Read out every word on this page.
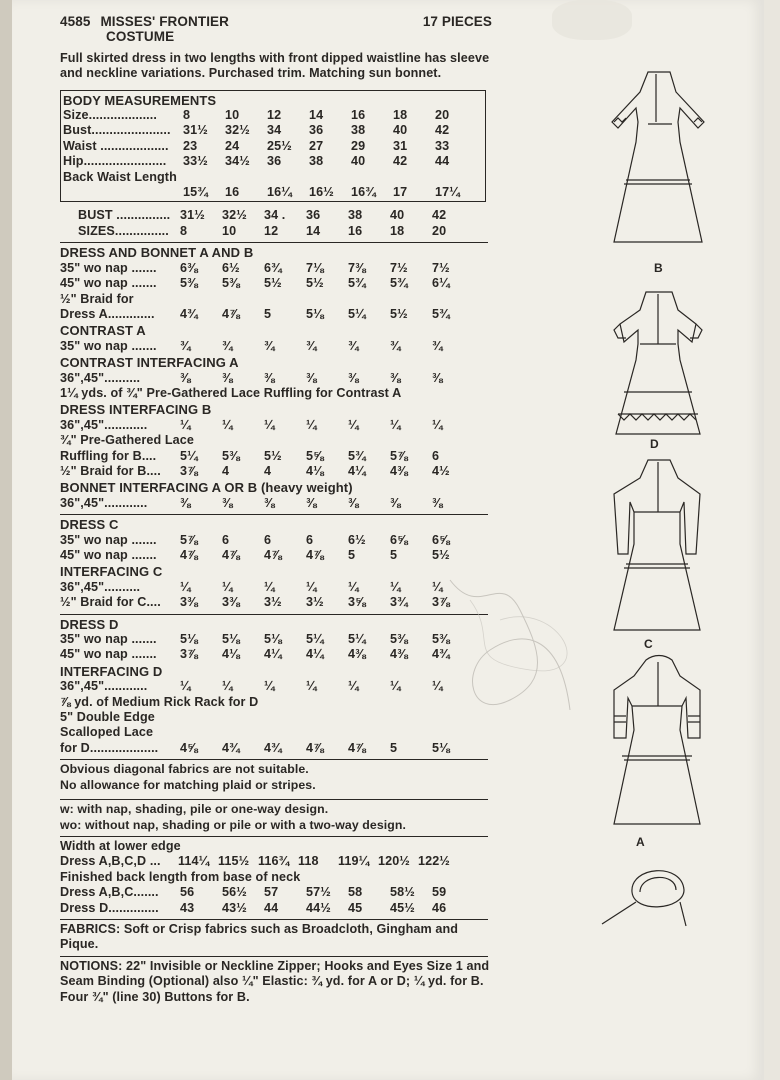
4585 MISSES' FRONTIER	17 PIECES
COSTUME
Full skirted dress in two lengths with front dipped waistline has sleeve and neckline variations. Purchased trim. Matching sun bonnet.
BODY MEASUREMENTS
Size...................	8	10	12	14	16	18	20
Bust...................... 31½	32½	34	36	38	40	42
Waist ...................	23	24	25½	27	29	31	33
Hip.......................	33½	34½	36	38	40	42	44
Back Waist Length
15¾	16	16¼	16½	16¾	17	17¼
BUST ............... 31½	32½	34 .	36	38	40	42
SIZES............... 8	10	12	14	16	18	20
DRESS AND BONNET A AND B
35" wo nap .......	6⅜	6½	6¾	7⅛	7⅜	7½	7½
45" wo nap .......	5⅜	5⅜	5½	5½	5¾	5¾	6¼
½" Braid for
Dress A.............	4¾	4⅞	5	5⅛	5¼	5½	5¾
CONTRAST A
35" wo nap .......	¾	¾	¾	¾	¾	¾	¾
CONTRAST INTERFACING A
36",45"..........	⅜	⅜	⅜	⅜	⅜	⅜	⅜
1¼ yds. of ¾" Pre-Gathered Lace Ruffling for Contrast A
DRESS INTERFACING B
36",45"............	¼	¼	¼	¼	¼	¼	¼
¾" Pre-Gathered Lace
Ruffling for B....	5¼	5⅜	5½	5⅝	5¾	5⅞	6
½" Braid for B....	3⅞	4	4	4⅛	4¼	4⅜	4½
BONNET INTERFACING A OR B (heavy weight)
36",45"............	⅜	⅜	⅜	⅜	⅜	⅜	⅜
DRESS C
35" wo nap .......	5⅞	6	6	6	6½	6⅝	6⅝
45" wo nap .......	4⅞	4⅞	4⅞	4⅞	5	5	5½
INTERFACING C
36",45"..........	¼	¼	¼	¼	¼	¼	¼
½" Braid for C....	3⅜	3⅜	3½	3½	3⅝	3¾	3⅞
DRESS D
35" wo nap .......	5⅛	5⅛	5⅛	5¼	5¼	5⅜	5⅜
45" wo nap .......	3⅞	4⅛	4¼	4¼	4⅜	4⅜	4¾
INTERFACING D
36",45"............	¼	¼	¼	¼	¼	¼	¼
⅞ yd. of Medium Rick Rack for D
5" Double Edge
Scalloped Lace
for D...................	4⅝	4¾	4¾	4⅞	4⅞	5	5⅛
Obvious diagonal fabrics are not suitable.
No allowance for matching plaid or stripes.
w: with nap, shading, pile or one-way design.
wo: without nap, shading or pile or with a two-way design.
Width at lower edge
Dress A,B,C,D ...	114¼ 115½ 116¾ 118	119¼ 120½ 122½
Finished back length from base of neck
Dress A,B,C.......	56	56½	57	57½	58	58½	59
Dress D..............	43	43½	44	44½	45	45½	46
FABRICS: Soft or Crisp fabrics such as Broadcloth, Gingham and Pique.
NOTIONS: 22" Invisible or Neckline Zipper; Hooks and Eyes Size 1 and Seam Binding (Optional) also ¼" Elastic: ¾ yd. for A or D; ¼ yd. for B. Four ¾" (line 30) Buttons for B.
B
D
C
A
